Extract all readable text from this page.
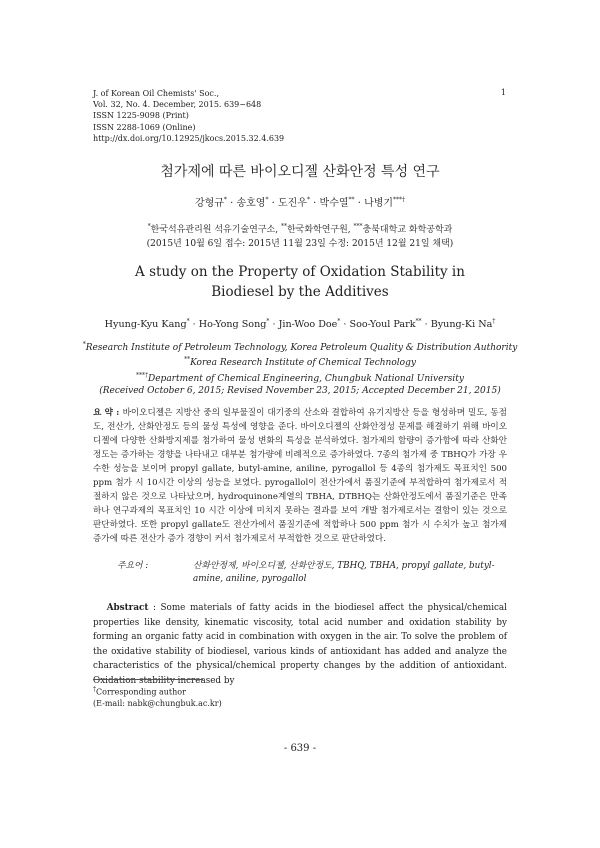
J. of Korean Oil Chemists' Soc.,
Vol. 32, No. 4. December, 2015. 639~648
ISSN 1225-9098 (Print)
ISSN 2288-1069 (Online)
http://dx.doi.org/10.12925/jkocs.2015.32.4.639
1
첨가제에 따른 바이오디젤 산화안정 특성 연구
강형규* · 송호영* · 도진우* · 박수열** · 나병기***†
*한국석유관리원 석유기술연구소, **한국화학연구원, ***충북대학교 화학공학과
(2015년 10월 6일 접수: 2015년 11월 23일 수정: 2015년 12월 21일 채택)
A study on the Property of Oxidation Stability in
Biodiesel by the Additives
Hyung-Kyu Kang* · Ho-Yong Song* · Jin-Woo Doe* · Soo-Youl Park** · Byung-Ki Na†
*Research Institute of Petroleum Technology, Korea Petroleum Quality & Distribution Authority
**Korea Research Institute of Chemical Technology
***†Department of Chemical Engineering, Chungbuk National University
(Received October 6, 2015; Revised November 23, 2015; Accepted December 21, 2015)
요 약 : 바이오디젤은 지방산 중의 일부물질이 대기중의 산소와 결합하여 유기지방산 등을 형성하며 밀도, 동점도, 전산가, 산화안정도 등의 물성 특성에 영향을 준다. 바이오디젤의 산화안정성 문제를 해결하기 위해 바이오디젤에 다양한 산화방지제를 첨가하여 물성 변화의 특성을 분석하였다. 첨가제의 함량이 증가함에 따라 산화안정도는 증가하는 경향을 나타내고 대부분 첨가량에 비례적으로 증가하였다. 7종의 첨가제 중 TBHQ가 가장 우수한 성능을 보이며 propyl gallate, butyl-amine, aniline, pyrogallol 등 4종의 첨가제도 목표치인 500 ppm 첨가 시 10시간 이상의 성능을 보였다. pyrogallol이 전산가에서 품질기준에 부적합하여 첨가제로서 적절하지 않은 것으로 나타났으며, hydroquinone계열의 TBHA, DTBHQ는 산화안정도에서 품질기준은 만족하나 연구과제의 목표치인 10 시간 이상에 미치지 못하는 결과를 보여 개발 첨가제로서는 결함이 있는 것으로 판단하였다. 또한 propyl gallate도 전산가에서 품질기준에 적합하나 500 ppm 첨가 시 수치가 높고 첨가제 증가에 따른 전산가 증가 경향이 커서 첨가제로서 부적합한 것으로 판단하였다.
주요어 :	산화안정제, 바이오디젤, 산화안정도, TBHQ, TBHA, propyl gallate, butyl-amine, aniline, pyrogallol
Abstract : Some materials of fatty acids in the biodiesel affect the physical/chemical properties like density, kinematic viscosity, total acid number and oxidation stability by forming an organic fatty acid in combination with oxygen in the air. To solve the problem of the oxidative stability of biodiesel, various kinds of antioxidant has added and analyze the characteristics of the physical/chemical property changes by the addition of antioxidant. Oxidation stability increased by
†Corresponding author
(E-mail: nabk@chungbuk.ac.kr)
- 639 -
